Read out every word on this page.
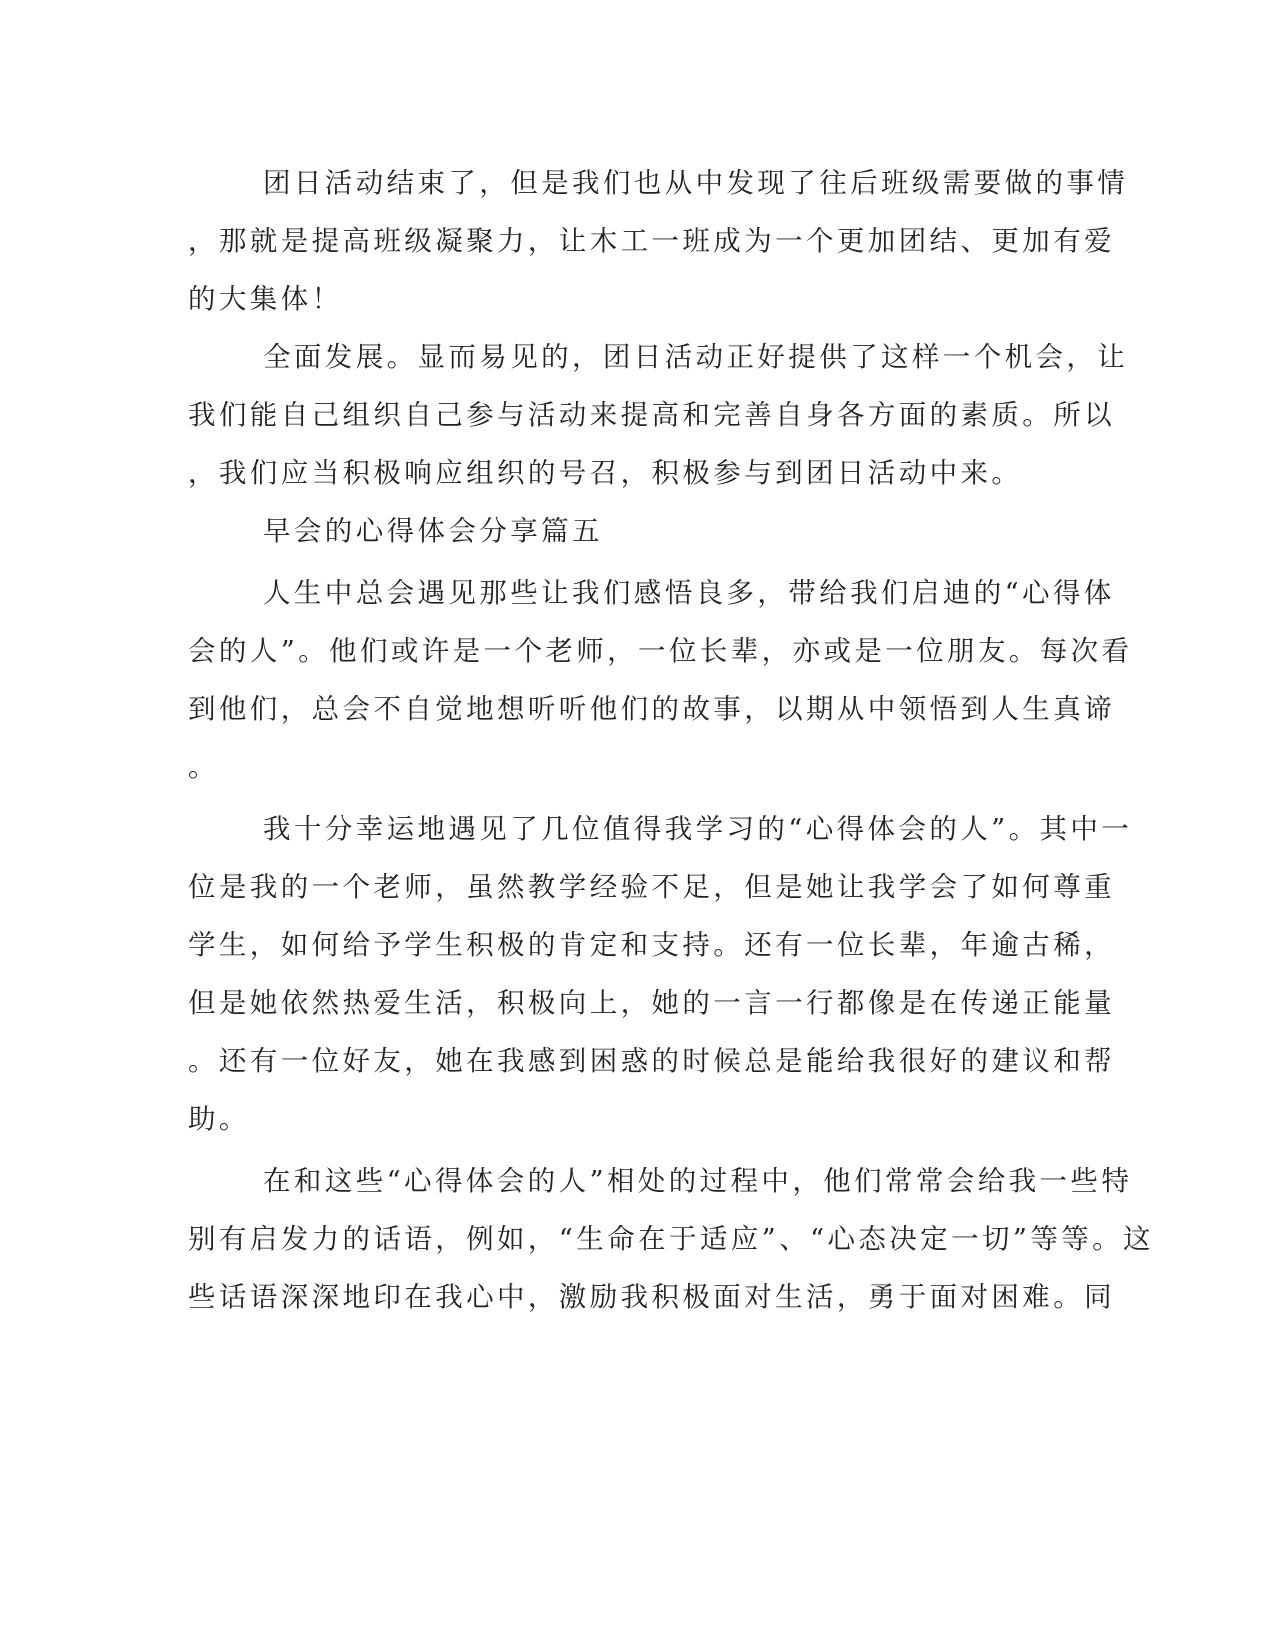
团日活动结束了，但是我们也从中发现了往后班级需要做的事情

，那就是提高班级凝聚力，让木工一班成为一个更加团结、更加有爱

的大集体！

全面发展。显而易见的，团日活动正好提供了这样一个机会，让

我们能自己组织自己参与活动来提高和完善自身各方面的素质。所以

，我们应当积极响应组织的号召，积极参与到团日活动中来。

早会的心得体会分享篇五

人生中总会遇见那些让我们感悟良多，带给我们启迪的“心得体

会的人”。他们或许是一个老师，一位长辈，亦或是一位朋友。每次看

到他们，总会不自觉地想听听他们的故事，以期从中领悟到人生真谛

。

我十分幸运地遇见了几位值得我学习的“心得体会的人”。其中一

位是我的一个老师，虽然教学经验不足，但是她让我学会了如何尊重

学生，如何给予学生积极的肯定和支持。还有一位长辈，年逾古稀，

但是她依然热爱生活，积极向上，她的一言一行都像是在传递正能量

。还有一位好友，她在我感到困惑的时候总是能给我很好的建议和帮

助。

在和这些“心得体会的人”相处的过程中，他们常常会给我一些特

别有启发力的话语，例如，“生命在于适应”、“心态决定一切”等等。这

些话语深深地印在我心中，激励我积极面对生活，勇于面对困难。同
